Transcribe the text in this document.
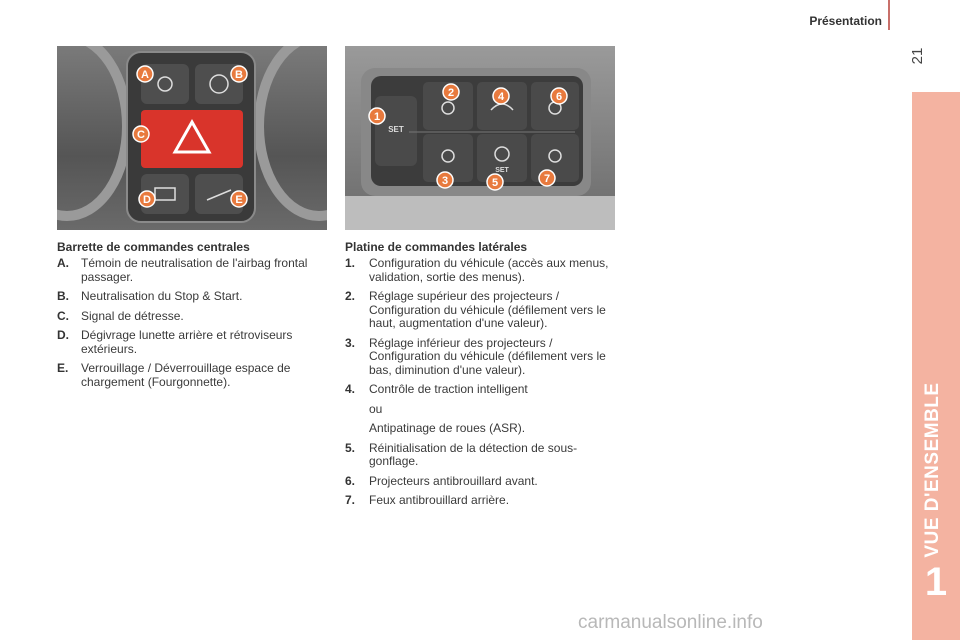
Présentation
21
VUE D'ENSEMBLE
1
A	B
C
D	E
SET
SET
1
2
3
4
5
6
7
Barrette de commandes centrales
A. Témoin de neutralisation de l'airbag frontal passager.
B. Neutralisation du Stop & Start.
C. Signal de détresse.
D. Dégivrage lunette arrière et rétroviseurs extérieurs.
E. Verrouillage / Déverrouillage espace de chargement (Fourgonnette).
Platine de commandes latérales
1. Configuration du véhicule (accès aux menus, validation, sortie des menus).
2. Réglage supérieur des projecteurs / Configuration du véhicule (défilement vers le haut, augmentation d'une valeur).
3. Réglage inférieur des projecteurs / Configuration du véhicule (défilement vers le bas, diminution d'une valeur).
4. Contrôle de traction intelligent
ou
Antipatinage de roues (ASR).
5. Réinitialisation de la détection de sous-gonflage.
6. Projecteurs antibrouillard avant.
7. Feux antibrouillard arrière.
carmanualsonline.info
